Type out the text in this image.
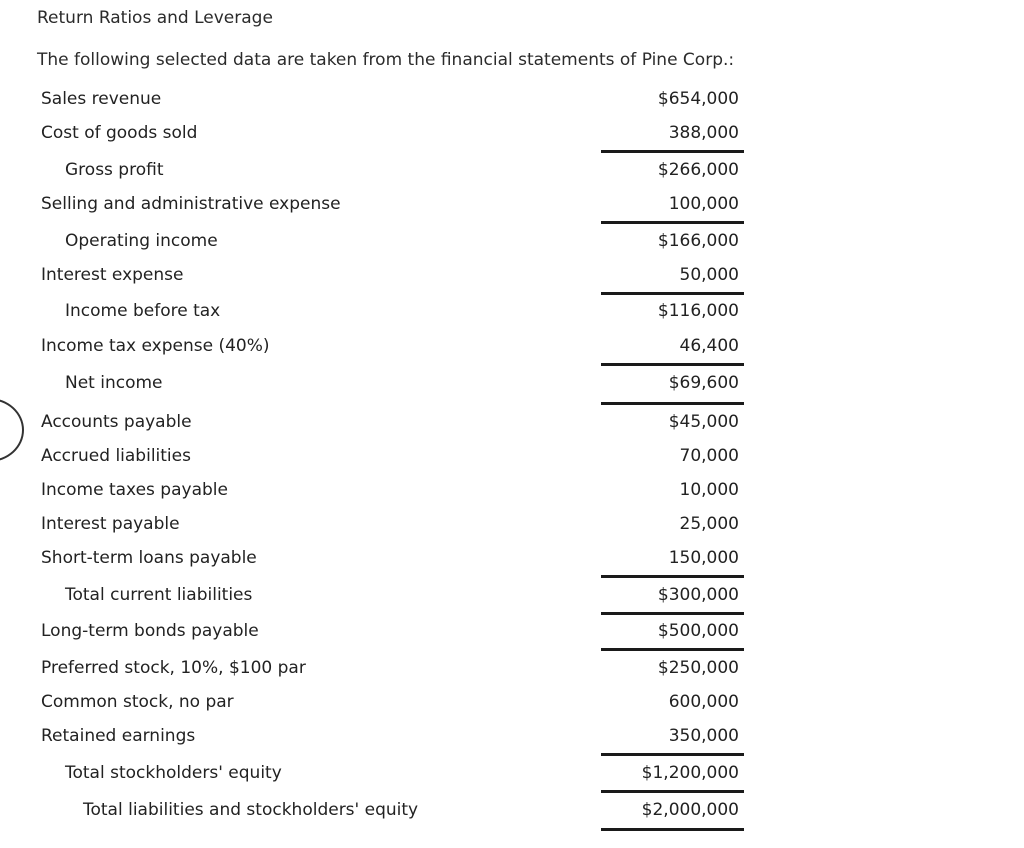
Return Ratios and Leverage
The following selected data are taken from the financial statements of Pine Corp.:
Sales revenue	$654,000
Cost of goods sold	388,000
Gross profit	$266,000
Selling and administrative expense	100,000
Operating income	$166,000
Interest expense	50,000
Income before tax	$116,000
Income tax expense (40%)	46,400
Net income	$69,600
Accounts payable	$45,000
Accrued liabilities	70,000
Income taxes payable	10,000
Interest payable	25,000
Short-term loans payable	150,000
Total current liabilities	$300,000
Long-term bonds payable	$500,000
Preferred stock, 10%, $100 par	$250,000
Common stock, no par	600,000
Retained earnings	350,000
Total stockholders' equity	$1,200,000
Total liabilities and stockholders' equity	$2,000,000
